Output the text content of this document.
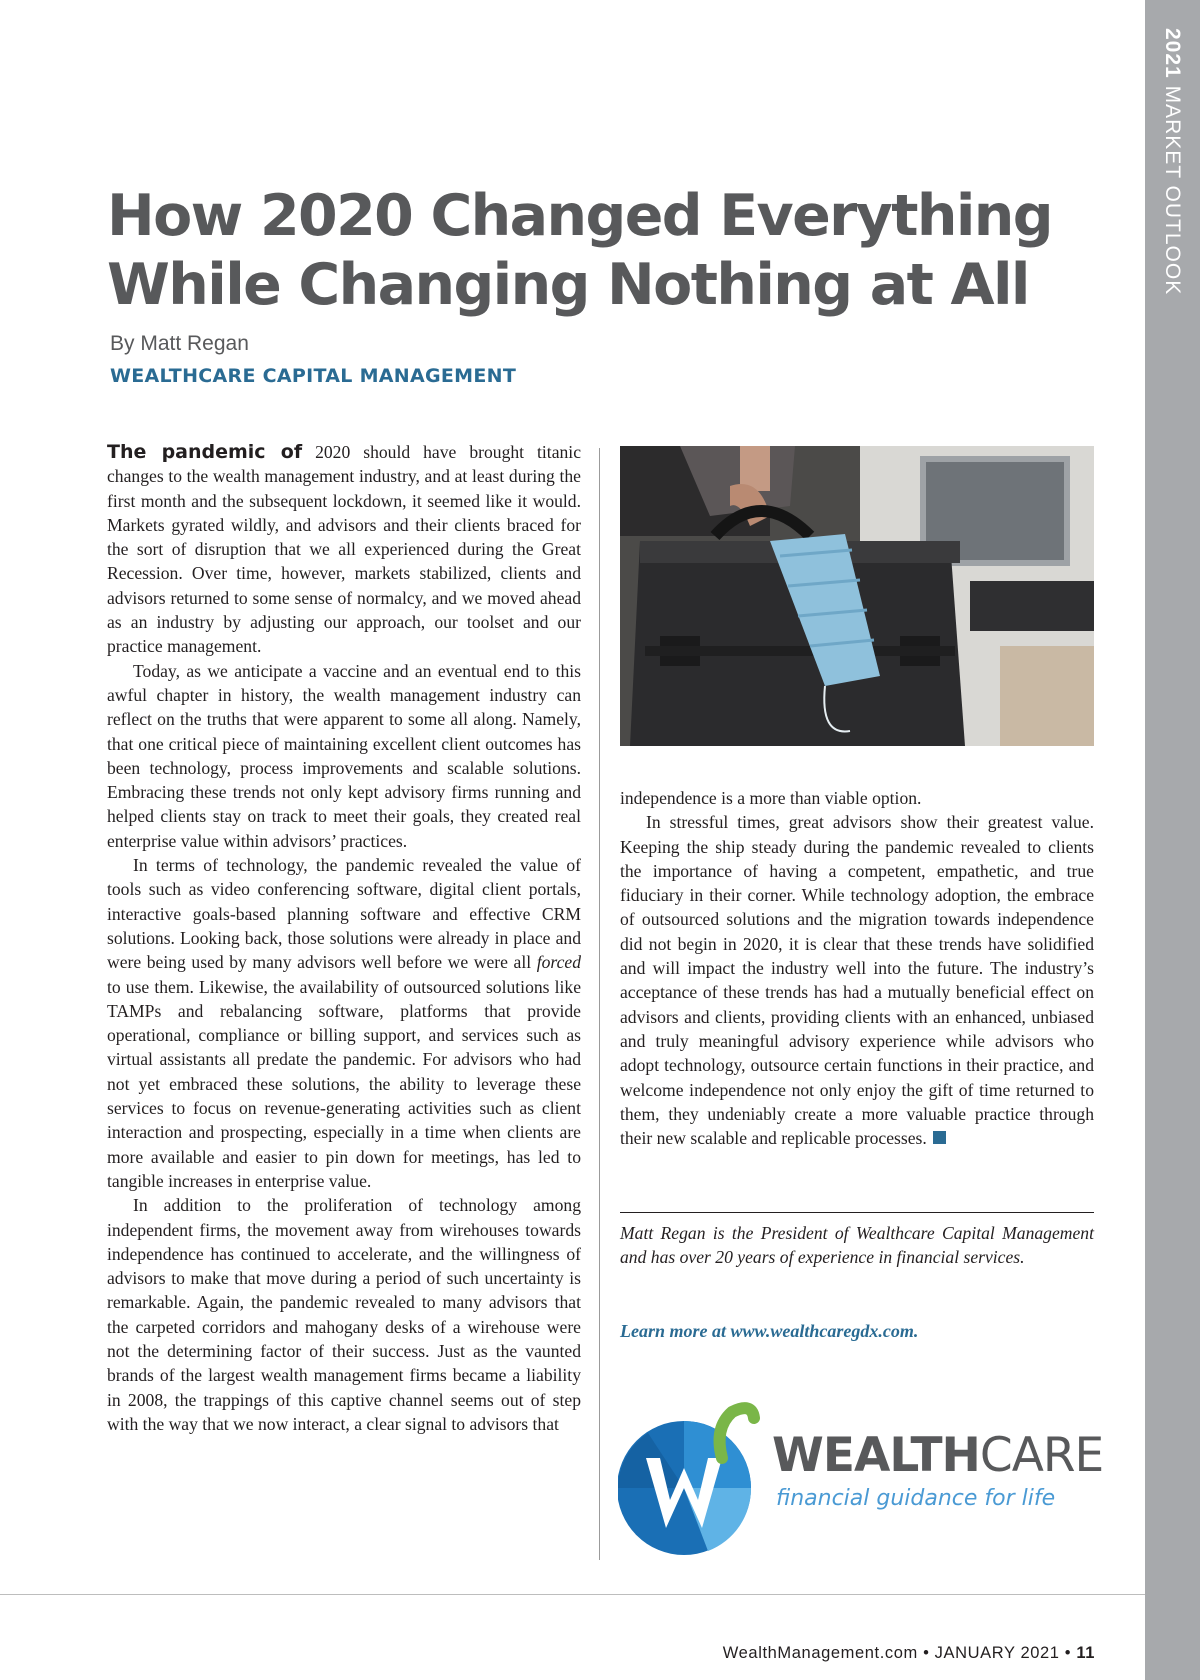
2021 MARKET OUTLOOK
How 2020 Changed Everything
While Changing Nothing at All
By Matt Regan
WEALTHCARE CAPITAL MANAGEMENT

The pandemic of 2020 should have brought titanic changes to the wealth management industry, and at least during the first month and the subsequent lockdown, it seemed like it would. Markets gyrated wildly, and advisors and their clients braced for the sort of disruption that we all experienced during the Great Recession. Over time, however, markets stabilized, clients and advisors returned to some sense of normalcy, and we moved ahead as an industry by adjusting our approach, our toolset and our practice management.

Today, as we anticipate a vaccine and an eventual end to this awful chapter in history, the wealth management industry can reflect on the truths that were apparent to some all along. Namely, that one critical piece of maintaining excellent client outcomes has been technology, process improvements and scalable solutions. Embracing these trends not only kept advisory firms running and helped clients stay on track to meet their goals, they created real enterprise value within advisors’ practices.

In terms of technology, the pandemic revealed the value of tools such as video conferencing software, digital client portals, interactive goals-based planning software and effective CRM solutions. Looking back, those solutions were already in place and were being used by many advisors well before we were all forced to use them. Likewise, the availability of outsourced solutions like TAMPs and rebalancing software, platforms that provide operational, compliance or billing support, and services such as virtual assistants all predate the pandemic. For advisors who had not yet embraced these solutions, the ability to leverage these services to focus on revenue-generating activities such as client interaction and prospecting, especially in a time when clients are more available and easier to pin down for meetings, has led to tangible increases in enterprise value.

In addition to the proliferation of technology among independent firms, the movement away from wirehouses towards independence has continued to accelerate, and the willingness of advisors to make that move during a period of such uncertainty is remarkable. Again, the pandemic revealed to many advisors that the carpeted corridors and mahogany desks of a wirehouse were not the determining factor of their success. Just as the vaunted brands of the largest wealth management firms became a liability in 2008, the trappings of this captive channel seems out of step with the way that we now interact, a clear signal to advisors that

independence is a more than viable option.

In stressful times, great advisors show their greatest value. Keeping the ship steady during the pandemic revealed to clients the importance of having a competent, empathetic, and true fiduciary in their corner. While technology adoption, the embrace of outsourced solutions and the migration towards independence did not begin in 2020, it is clear that these trends have solidified and will impact the industry well into the future. The industry’s acceptance of these trends has had a mutually beneficial effect on advisors and clients, providing clients with an enhanced, unbiased and truly meaningful advisory experience while advisors who adopt technology, outsource certain functions in their practice, and welcome independence not only enjoy the gift of time returned to them, they undeniably create a more valuable practice through their new scalable and replicable processes.

Matt Regan is the President of Wealthcare Capital Management and has over 20 years of experience in financial services.

Learn more at www.wealthcaregdx.com.
WEALTHCARE
financial guidance for life
WealthManagement.com • JANUARY 2021 • 11
